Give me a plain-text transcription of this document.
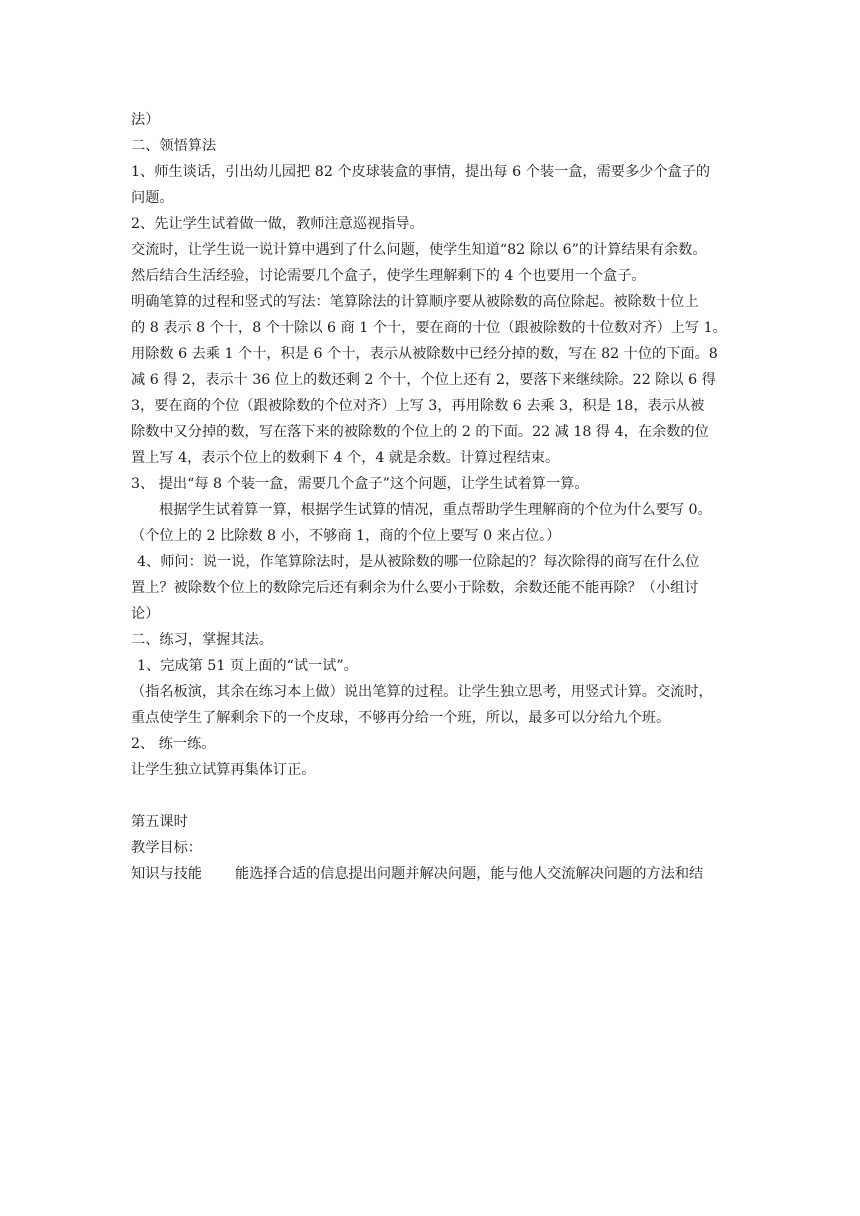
法）
二、领悟算法
1、师生谈话，引出幼儿园把 82 个皮球装盒的事情，提出每 6 个装一盒，需要多少个盒子的
问题。
2、先让学生试着做一做，教师注意巡视指导。
交流时，让学生说一说计算中遇到了什么问题，使学生知道“82 除以 6”的计算结果有余数。
然后结合生活经验，讨论需要几个盒子，使学生理解剩下的 4 个也要用一个盒子。
明确笔算的过程和竖式的写法：笔算除法的计算顺序要从被除数的高位除起。被除数十位上
的 8 表示 8 个十，8 个十除以 6 商 1 个十，要在商的十位（跟被除数的十位数对齐）上写 1。
用除数 6 去乘 1 个十，积是 6 个十，表示从被除数中已经分掉的数，写在 82 十位的下面。8
减 6 得 2，表示十 36 位上的数还剩 2 个十，个位上还有 2，要落下来继续除。22 除以 6 得
3，要在商的个位（跟被除数的个位对齐）上写 3，再用除数 6 去乘 3，积是 18，表示从被
除数中又分掉的数，写在落下来的被除数的个位上的 2 的下面。22 减 18 得 4，在余数的位
置上写 4，表示个位上的数剩下 4 个，4 就是余数。计算过程结束。
3、 提出“每 8 个装一盒，需要几个盒子”这个问题，让学生试着算一算。
根据学生试着算一算，根据学生试算的情况，重点帮助学生理解商的个位为什么要写 0。
（个位上的 2 比除数 8 小，不够商 1，商的个位上要写 0 来占位。）
4、师问：说一说，作笔算除法时，是从被除数的哪一位除起的？每次除得的商写在什么位
置上？被除数个位上的数除完后还有剩余为什么要小于除数，余数还能不能再除？（小组讨
论）
二、练习，掌握其法。
1、完成第 51 页上面的“试一试”。
（指名板演，其余在练习本上做）说出笔算的过程。让学生独立思考，用竖式计算。交流时，
重点使学生了解剩余下的一个皮球，不够再分给一个班，所以，最多可以分给九个班。
2、 练一练。
让学生独立试算再集体订正。
第五课时
教学目标：
知识与技能 能选择合适的信息提出问题并解决问题，能与他人交流解决问题的方法和结
